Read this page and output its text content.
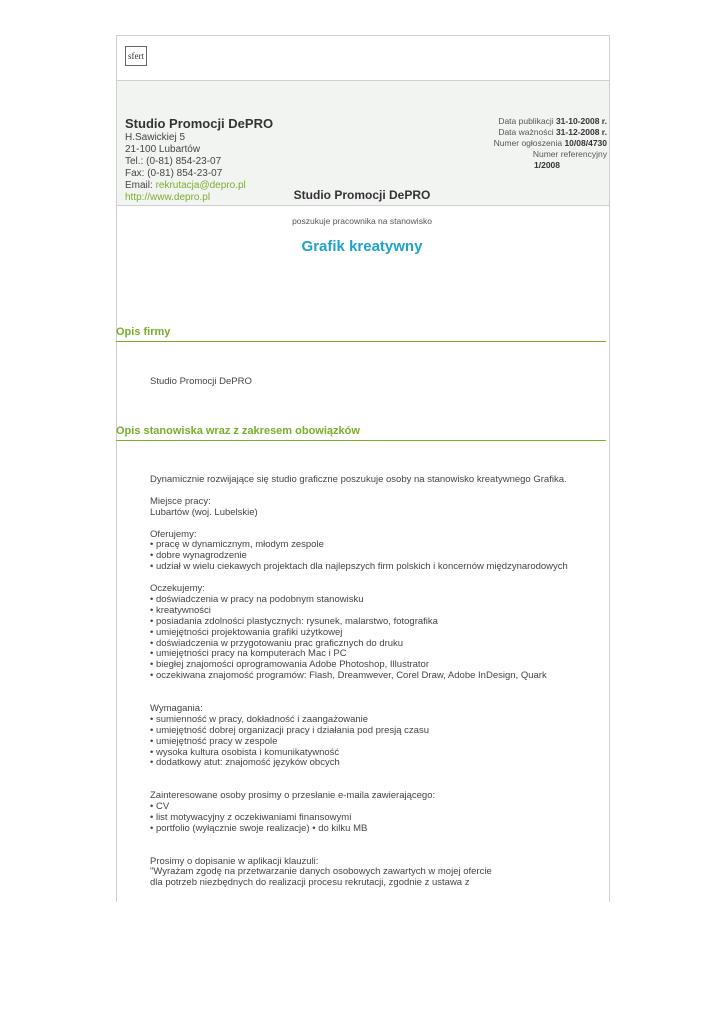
sfert
Studio Promocji DePRO
H.Sawickiej 5
21-100 Lubartów
Tel.: (0-81) 854-23-07
Fax: (0-81) 854-23-07
Email: rekrutacja@depro.pl
http://www.depro.pl
Data publikacji 31-10-2008 r.
Data ważności 31-12-2008 r.
Numer ogłoszenia 10/08/4730
Numer referencyjny
1/2008
Studio Promocji DePRO
poszukuje pracownika na stanowisko
Grafik kreatywny
Opis firmy
Studio Promocji DePRO
Opis stanowiska wraz z zakresem obowiązków
Dynamicznie rozwijające się studio graficzne poszukuje osoby na stanowisko kreatywnego Grafika.
Miejsce pracy:
Lubartów (woj. Lubelskie)
Oferujemy:
• pracę w dynamicznym, młodym zespole
• dobre wynagrodzenie
• udział w wielu ciekawych projektach dla najlepszych firm polskich i koncernów międzynarodowych
Oczekujemy:
• doświadczenia w pracy na podobnym stanowisku
• kreatywności
• posiadania zdolności plastycznych: rysunek, malarstwo, fotografika
• umiejętności projektowania grafiki użytkowej
• doświadczenia w przygotowaniu prac graficznych do druku
• umiejętności pracy na komputerach Mac i PC
• biegłej znajomości oprogramowania Adobe Photoshop, Illustrator
• oczekiwana znajomość programów: Flash, Dreamwever, Corel Draw, Adobe InDesign, Quark
Wymagania:
• sumienność w pracy, dokładność i zaangażowanie
• umiejętność dobrej organizacji pracy i działania pod presją czasu
• umiejętność pracy w zespole
• wysoka kultura osobista i komunikatywność
• dodatkowy atut: znajomość języków obcych
Zainteresowane osoby prosimy o przesłanie e-maila zawierającego:
• CV
• list motywacyjny z oczekiwaniami finansowymi
• portfolio (wyłącznie swoje realizacje) • do kilku MB
Prosimy o dopisanie w aplikacji klauzuli:
"Wyrażam zgodę na przetwarzanie danych osobowych zawartych w mojej ofercie
dla potrzeb niezbędnych do realizacji procesu rekrutacji, zgodnie z ustawa z
